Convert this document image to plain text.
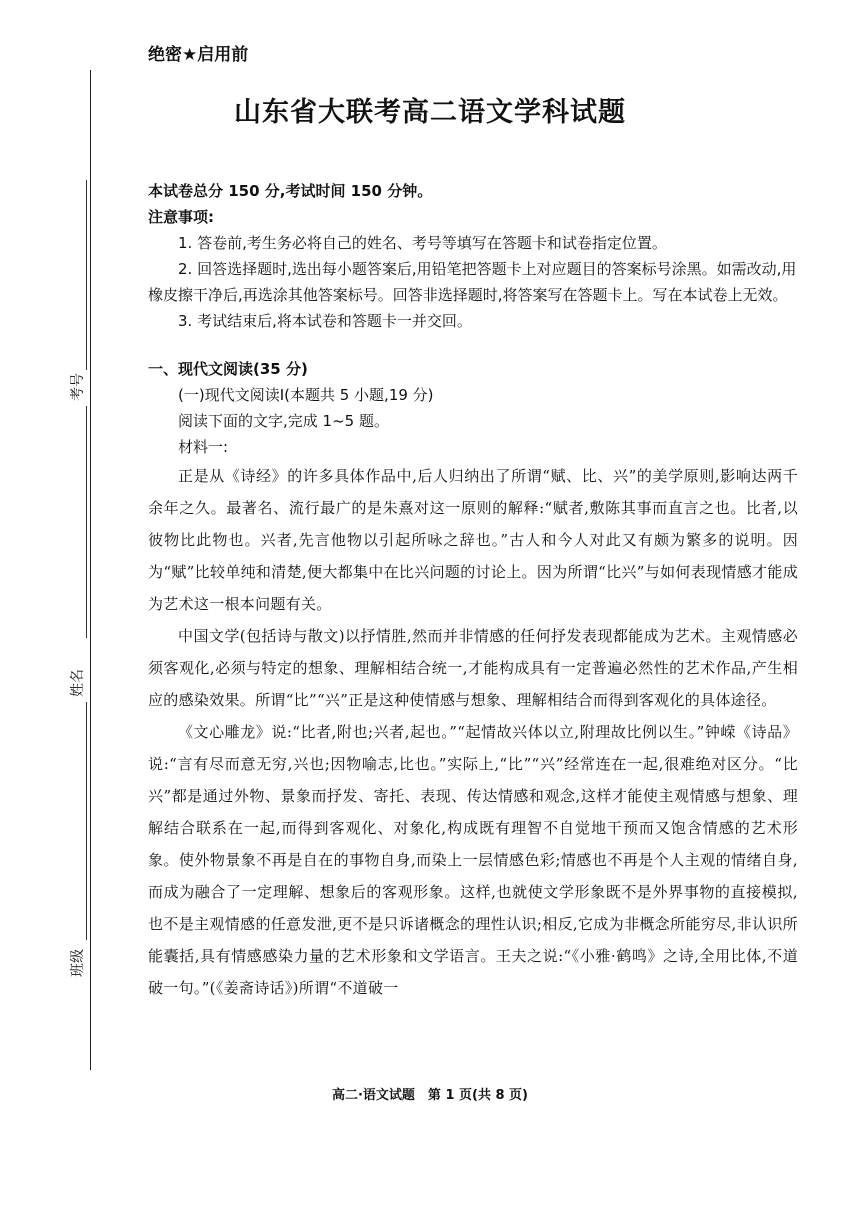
绝密★启用前
山东省大联考高二语文学科试题
考号
姓名
班级
本试卷总分 150 分,考试时间 150 分钟。
注意事项:

1. 答卷前,考生务必将自己的姓名、考号等填写在答题卡和试卷指定位置。

2. 回答选择题时,选出每小题答案后,用铅笔把答题卡上对应题目的答案标号涂黑。如需改动,用橡皮擦干净后,再选涂其他答案标号。回答非选择题时,将答案写在答题卡上。写在本试卷上无效。

3. 考试结束后,将本试卷和答题卡一并交回。

一、现代文阅读(35 分)

(一)现代文阅读Ⅰ(本题共 5 小题,19 分)

阅读下面的文字,完成 1~5 题。

材料一:

正是从《诗经》的许多具体作品中,后人归纳出了所谓“赋、比、兴”的美学原则,影响达两千余年之久。最著名、流行最广的是朱熹对这一原则的解释:“赋者,敷陈其事而直言之也。比者,以彼物比此物也。兴者,先言他物以引起所咏之辞也。”古人和今人对此又有颇为繁多的说明。因为“赋”比较单纯和清楚,便大都集中在比兴问题的讨论上。因为所谓“比兴”与如何表现情感才能成为艺术这一根本问题有关。

中国文学(包括诗与散文)以抒情胜,然而并非情感的任何抒发表现都能成为艺术。主观情感必须客观化,必须与特定的想象、理解相结合统一,才能构成具有一定普遍必然性的艺术作品,产生相应的感染效果。所谓“比”“兴”正是这种使情感与想象、理解相结合而得到客观化的具体途径。

《文心雕龙》说:“比者,附也;兴者,起也。”“起情故兴体以立,附理故比例以生。”钟嵘《诗品》说:“言有尽而意无穷,兴也;因物喻志,比也。”实际上,“比”“兴”经常连在一起,很难绝对区分。“比兴”都是通过外物、景象而抒发、寄托、表现、传达情感和观念,这样才能使主观情感与想象、理解结合联系在一起,而得到客观化、对象化,构成既有理智不自觉地干预而又饱含情感的艺术形象。使外物景象不再是自在的事物自身,而染上一层情感色彩;情感也不再是个人主观的情绪自身,而成为融合了一定理解、想象后的客观形象。这样,也就使文学形象既不是外界事物的直接模拟,也不是主观情感的任意发泄,更不是只诉诸概念的理性认识;相反,它成为非概念所能穷尽,非认识所能囊括,具有情感感染力量的艺术形象和文学语言。王夫之说:“《小雅·鹤鸣》之诗,全用比体,不道破一句。”(《姜斋诗话》)所谓“不道破一

高二·语文试题　第 1 页(共 8 页)
